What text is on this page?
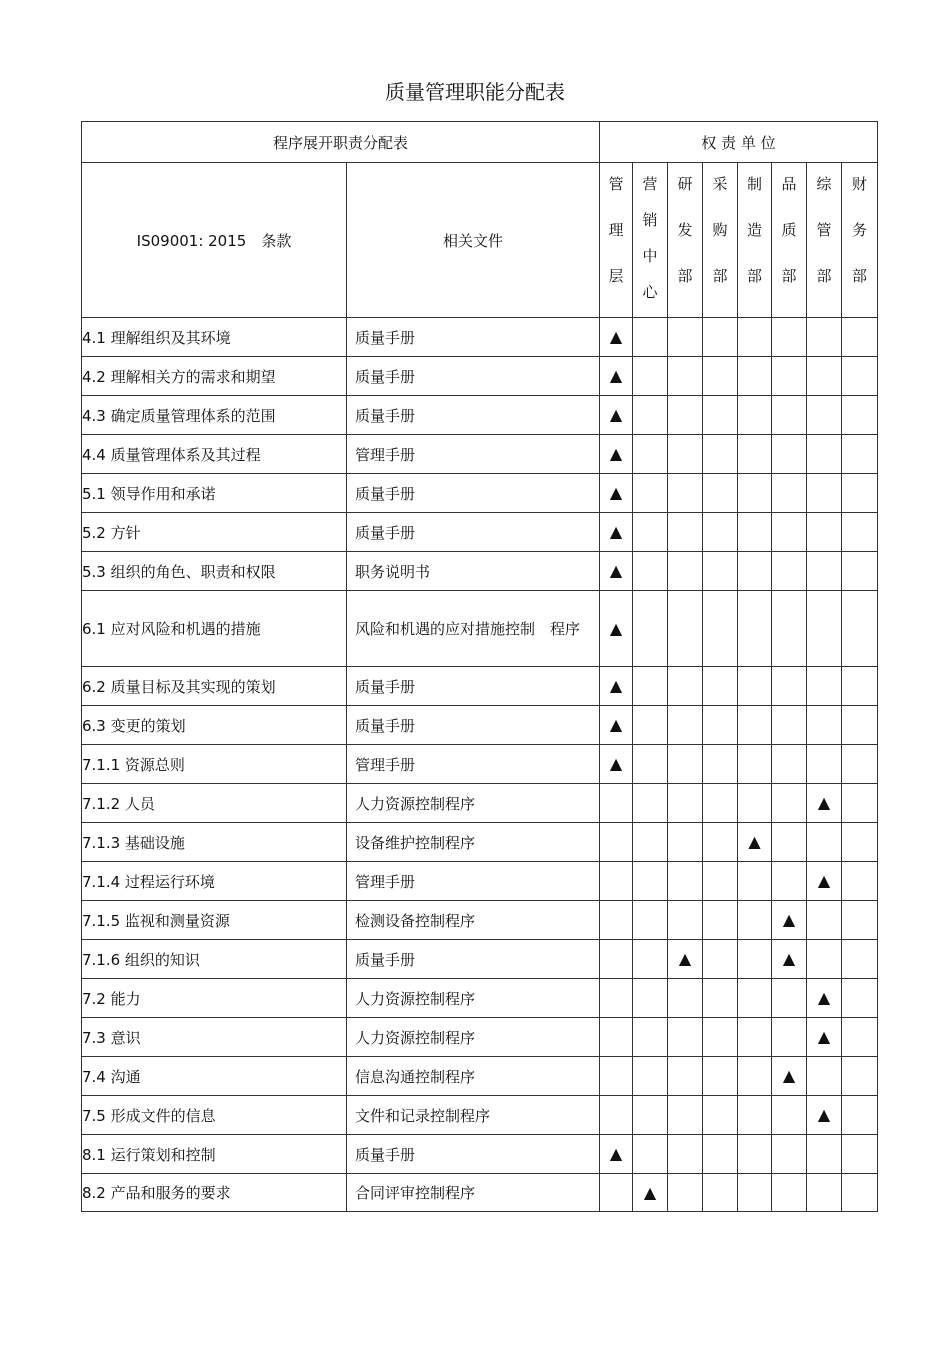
质量管理职能分配表
程序展开职责分配表		权 责 单 位							
IS09001: 2015　条款	相关文件	管
理
层	营
销
中
心	研
发
部	采
购
部	制
造
部	品
质
部	综
管
部	财
务
部

4.1 理解组织及其环境	质量手册	▲							
4.2 理解相关方的需求和期望	质量手册	▲							
4.3 确定质量管理体系的范围	质量手册	▲							
4.4 质量管理体系及其过程	管理手册	▲							
5.1 领导作用和承诺	质量手册	▲							
5.2 方针	质量手册	▲							
5.3 组织的角色、职责和权限	职务说明书	▲							
6.1 应对风险和机遇的措施	风险和机遇的应对措施控制　程序	▲							
6.2 质量目标及其实现的策划	质量手册	▲							
6.3 变更的策划	质量手册	▲							
7.1.1 资源总则	管理手册	▲							
7.1.2 人员	人力资源控制程序							▲	
7.1.3 基础设施	设备维护控制程序					▲			
7.1.4 过程运行环境	管理手册							▲	
7.1.5 监视和测量资源	检测设备控制程序						▲		
7.1.6 组织的知识	质量手册			▲			▲		
7.2 能力	人力资源控制程序							▲	
7.3 意识	人力资源控制程序							▲	
7.4 沟通	信息沟通控制程序						▲		
7.5 形成文件的信息	文件和记录控制程序							▲	
8.1 运行策划和控制	质量手册	▲							
8.2 产品和服务的要求	合同评审控制程序		▲						
